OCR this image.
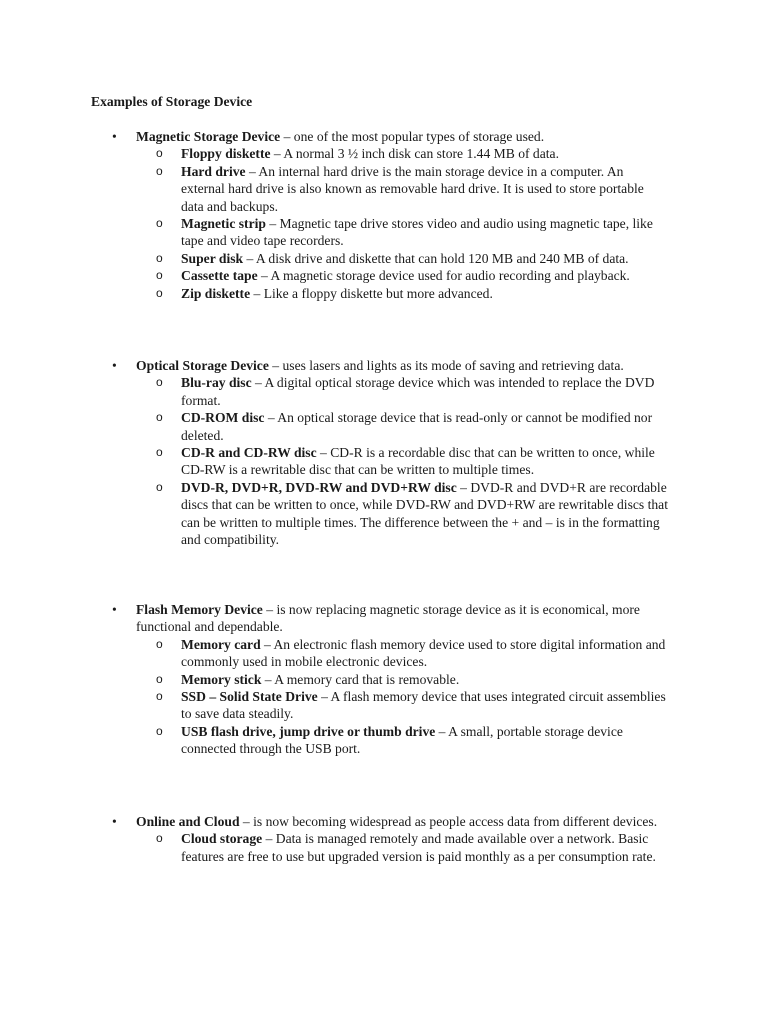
Examples of Storage Device
• Magnetic Storage Device – one of the most popular types of storage used.
o Floppy diskette – A normal 3 ½ inch disk can store 1.44 MB of data.
o Hard drive – An internal hard drive is the main storage device in a computer. An external hard drive is also known as removable hard drive. It is used to store portable data and backups.
o Magnetic strip – Magnetic tape drive stores video and audio using magnetic tape, like tape and video tape recorders.
o Super disk – A disk drive and diskette that can hold 120 MB and 240 MB of data.
o Cassette tape – A magnetic storage device used for audio recording and playback.
o Zip diskette – Like a floppy diskette but more advanced.
• Optical Storage Device – uses lasers and lights as its mode of saving and retrieving data.
o Blu-ray disc – A digital optical storage device which was intended to replace the DVD format.
o CD-ROM disc – An optical storage device that is read-only or cannot be modified nor deleted.
o CD-R and CD-RW disc – CD-R is a recordable disc that can be written to once, while CD-RW is a rewritable disc that can be written to multiple times.
o DVD-R, DVD+R, DVD-RW and DVD+RW disc – DVD-R and DVD+R are recordable discs that can be written to once, while DVD-RW and DVD+RW are rewritable discs that can be written to multiple times. The difference between the + and – is in the formatting and compatibility.
• Flash Memory Device – is now replacing magnetic storage device as it is economical, more functional and dependable.
o Memory card – An electronic flash memory device used to store digital information and commonly used in mobile electronic devices.
o Memory stick – A memory card that is removable.
o SSD – Solid State Drive – A flash memory device that uses integrated circuit assemblies to save data steadily.
o USB flash drive, jump drive or thumb drive – A small, portable storage device connected through the USB port.
• Online and Cloud – is now becoming widespread as people access data from different devices.
o Cloud storage – Data is managed remotely and made available over a network. Basic features are free to use but upgraded version is paid monthly as a per consumption rate.
